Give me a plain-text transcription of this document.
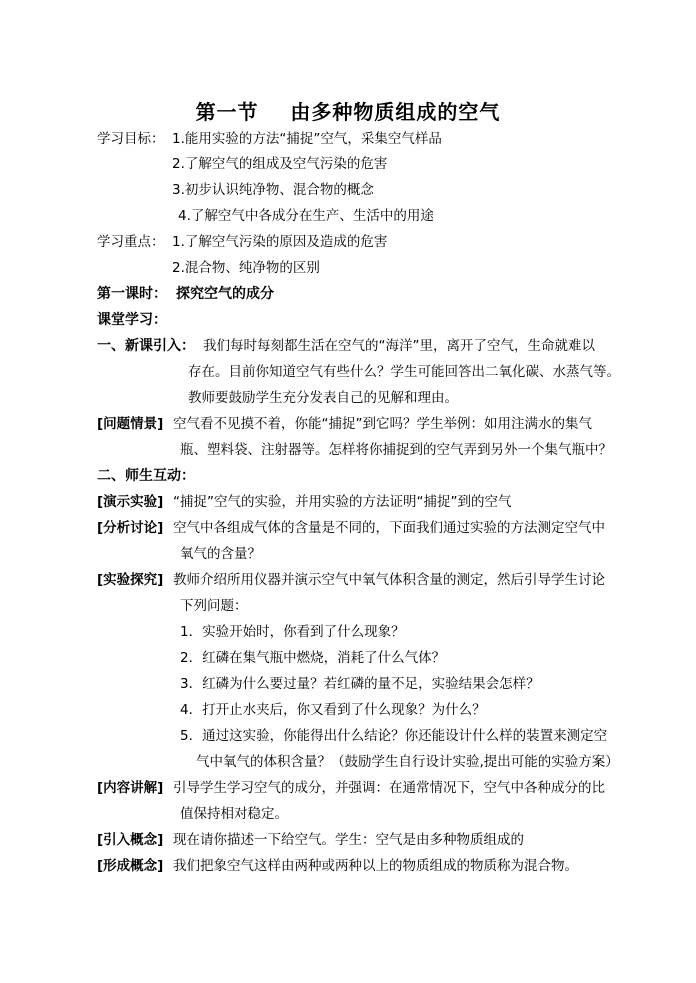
第一节    由多种物质组成的空气
学习目标： 1.能用实验的方法“捕捉”空气，采集空气样品
2.了解空气的组成及空气污染的危害
3.初步认识纯净物、混合物的概念
4.了解空气中各成分在生产、生活中的用途
学习重点： 1.了解空气污染的原因及造成的危害
2.混合物、纯净物的区别
第一课时： 探究空气的成分
课堂学习：
一、新课引入： 我们每时每刻都生活在空气的“海洋”里，离开了空气，生命就难以
存在。目前你知道空气有些什么？学生可能回答出二氧化碳、水蒸气等。
教师要鼓励学生充分发表自己的见解和理由。
[问题情景] 空气看不见摸不着，你能“捕捉”到它吗？学生举例：如用注满水的集气
瓶、塑料袋、注射器等。怎样将你捕捉到的空气弄到另外一个集气瓶中？
二、师生互动：
[演示实验] “捕捉”空气的实验，并用实验的方法证明“捕捉”到的空气
[分析讨论] 空气中各组成气体的含量是不同的，下面我们通过实验的方法测定空气中
氧气的含量？
[实验探究] 教师介绍所用仪器并演示空气中氧气体积含量的测定，然后引导学生讨论
下列问题：
1．实验开始时，你看到了什么现象？
2．红磷在集气瓶中燃烧，消耗了什么气体？
3．红磷为什么要过量？若红磷的量不足，实验结果会怎样？
4．打开止水夹后，你又看到了什么现象？为什么？
5．通过这实验，你能得出什么结论？你还能设计什么样的装置来测定空
气中氧气的体积含量？（鼓励学生自行设计实验,提出可能的实验方案）
[内容讲解] 引导学生学习空气的成分，并强调：在通常情况下，空气中各种成分的比
值保持相对稳定。
[引入概念] 现在请你描述一下给空气。学生：空气是由多种物质组成的
[形成概念] 我们把象空气这样由两种或两种以上的物质组成的物质称为混合物。
